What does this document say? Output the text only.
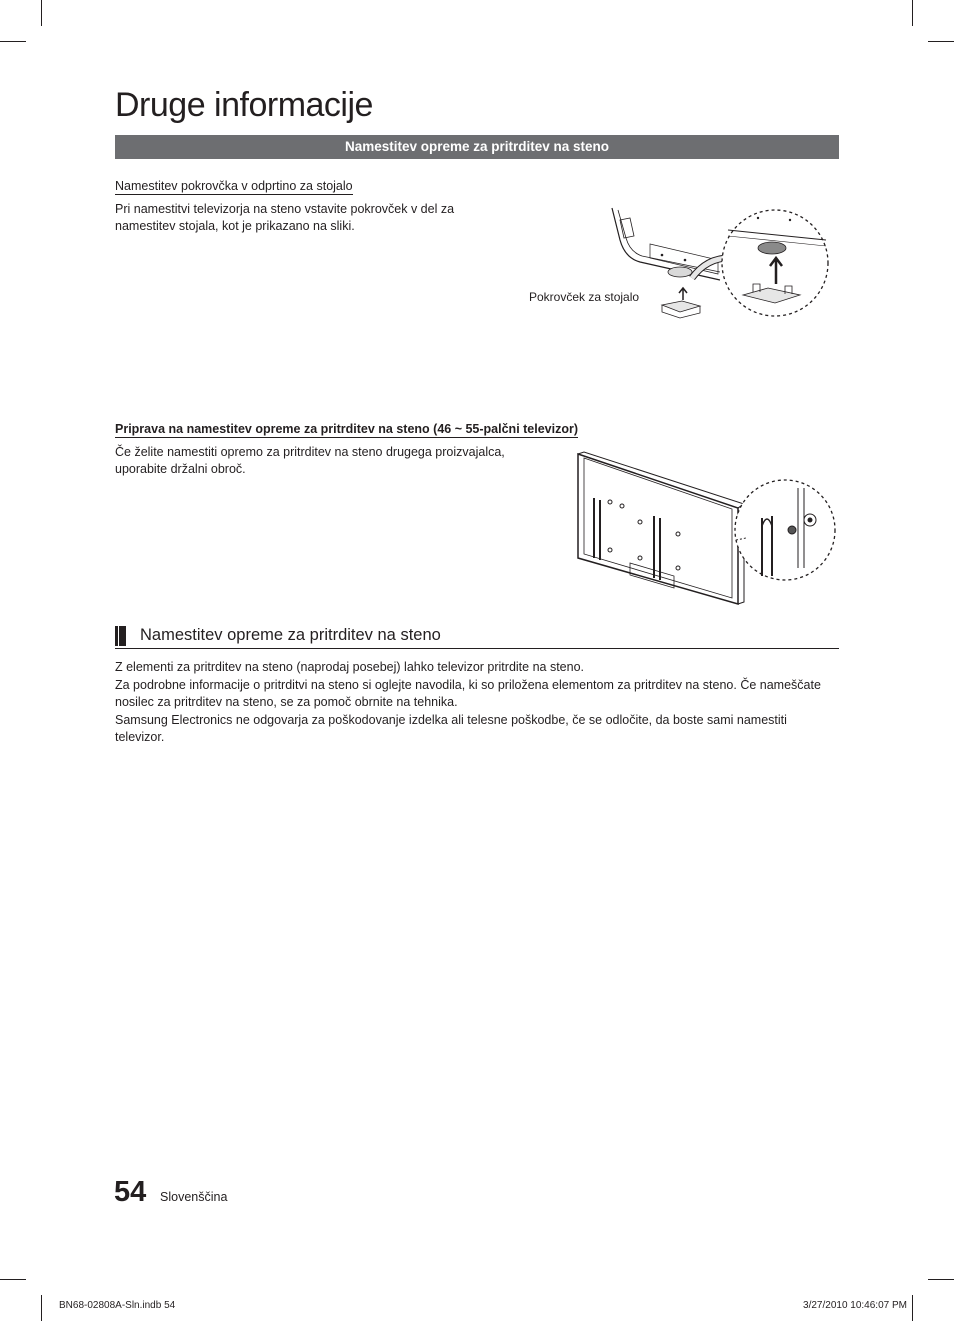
Druge informacije
Namestitev opreme za pritrditev na steno
Namestitev pokrovčka v odprtino za stojalo
Pri namestitvi televizorja na steno vstavite pokrovček v del za namestitev stojala, kot je prikazano na sliki.
Pokrovček za stojalo
Priprava na namestitev opreme za pritrditev na steno (46 ~ 55-palčni televizor)
Če želite namestiti opremo za pritrditev na steno drugega proizvajalca, uporabite držalni obroč.
Namestitev opreme za pritrditev na steno

Z elementi za pritrditev na steno (naprodaj posebej) lahko televizor pritrdite na steno.

Za podrobne informacije o pritrditvi na steno si oglejte navodila, ki so priložena elementom za pritrditev na steno. Če nameščate nosilec za pritrditev na steno, se za pomoč obrnite na tehnika.

Samsung Electronics ne odgovarja za poškodovanje izdelka ali telesne poškodbe, če se odločite, da boste sami namestiti televizor.

54 Slovenščina
BN68-02808A-Sln.indb 54	3/27/2010 10:46:07 PM
